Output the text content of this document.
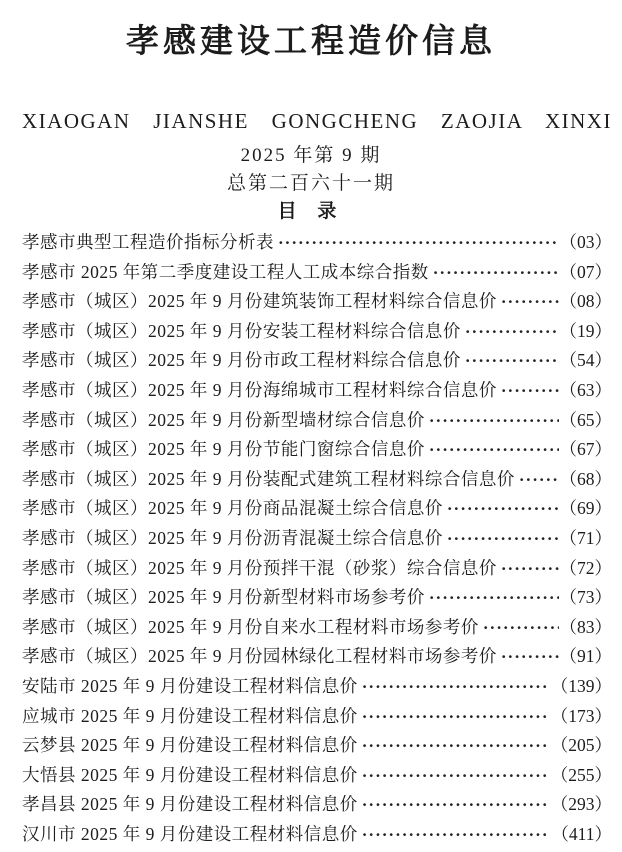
孝感建设工程造价信息
XIAOGAN JIANSHE GONGCHENG ZAOJIA XINXI
2025 年第 9 期
总第二百六十一期
目 录
孝感市典型工程造价指标分析表 ·····	（03）
孝感市 2025 年第二季度建设工程人工成本综合指数 ·····	（07）
孝感市（城区）2025 年 9 月份建筑装饰工程材料综合信息价 ·····	（08）
孝感市（城区）2025 年 9 月份安装工程材料综合信息价 ·····	（19）
孝感市（城区）2025 年 9 月份市政工程材料综合信息价 ·····	（54）
孝感市（城区）2025 年 9 月份海绵城市工程材料综合信息价 ·····	（63）
孝感市（城区）2025 年 9 月份新型墙材综合信息价 ·····	（65）
孝感市（城区）2025 年 9 月份节能门窗综合信息价 ·····	（67）
孝感市（城区）2025 年 9 月份装配式建筑工程材料综合信息价 ·····	（68）
孝感市（城区）2025 年 9 月份商品混凝土综合信息价 ·····	（69）
孝感市（城区）2025 年 9 月份沥青混凝土综合信息价 ·····	（71）
孝感市（城区）2025 年 9 月份预拌干混（砂浆）综合信息价 ·····	（72）
孝感市（城区）2025 年 9 月份新型材料市场参考价 ·····	（73）
孝感市（城区）2025 年 9 月份自来水工程材料市场参考价 ·····	（83）
孝感市（城区）2025 年 9 月份园林绿化工程材料市场参考价 ·····	（91）
安陆市 2025 年 9 月份建设工程材料信息价 ·····	（139）
应城市 2025 年 9 月份建设工程材料信息价 ·····	（173）
云梦县 2025 年 9 月份建设工程材料信息价 ·····	（205）
大悟县 2025 年 9 月份建设工程材料信息价 ·····	（255）
孝昌县 2025 年 9 月份建设工程材料信息价 ·····	（293）
汉川市 2025 年 9 月份建设工程材料信息价 ·····	（411）
